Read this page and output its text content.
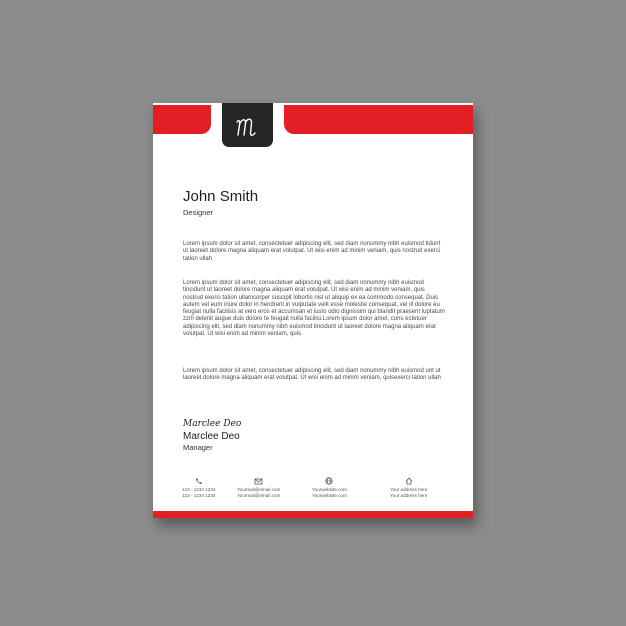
John Smith
Designer

Lorem ipsum dolor sit amet, consectetuer adipiscing elit, sed diam nonummy nibh euismod tidunt ut laoreet dolore magna aliquam erat volutpat. Ut wisi enim ad minim veniam, quis nostrud exerci tation ullah

Lorem ipsum dolor sit amet, consectetuer adipiscing elit, sed diam nonummy nibh euismod tincidunt ut laoreet dolore magna aliquam erat volutpat. Ut wisi enim ad minim veniam, quis nostrud exerci tation ullamcorper suscipit lobortis nisl ut aliquip ex ea commodo consequat. Duis autem vel eum iriure dolor in hendrerit in vulputate velit esse molestie consequat, vel ill dolore eu feugiat nulla facilisis at vero eros et accumsan et iusto odio dignissim qui blandit praesent luptatum zzril delenit augue duis dolore te feugait nulla facilisi.Lorem ipsum dolor amet, cons ectetuer adipiscing elit, sed diam nonummy nibh euismod tincidunt ut laoreet dolore magna aliquam erat volutpat. Ut wisi enim ad minim veniam, quis

Lorem ipsum dolor sit amet, consectetuer adipiscing elit, sed diam nonummy nibh euismod unt ut laoreet dolore magna aliquam erat volutpat. Ut wisi enim ad minim veniam, quisexerci tation ullah

Marclee Deo
Marclee Deo
Manager
123 - 1234 1234
123 - 1234 1234
Yourmail@email.com
Yourmail@email.com
Yourwebsite.com
Yourwebsite.com
Your address here
Your address here
